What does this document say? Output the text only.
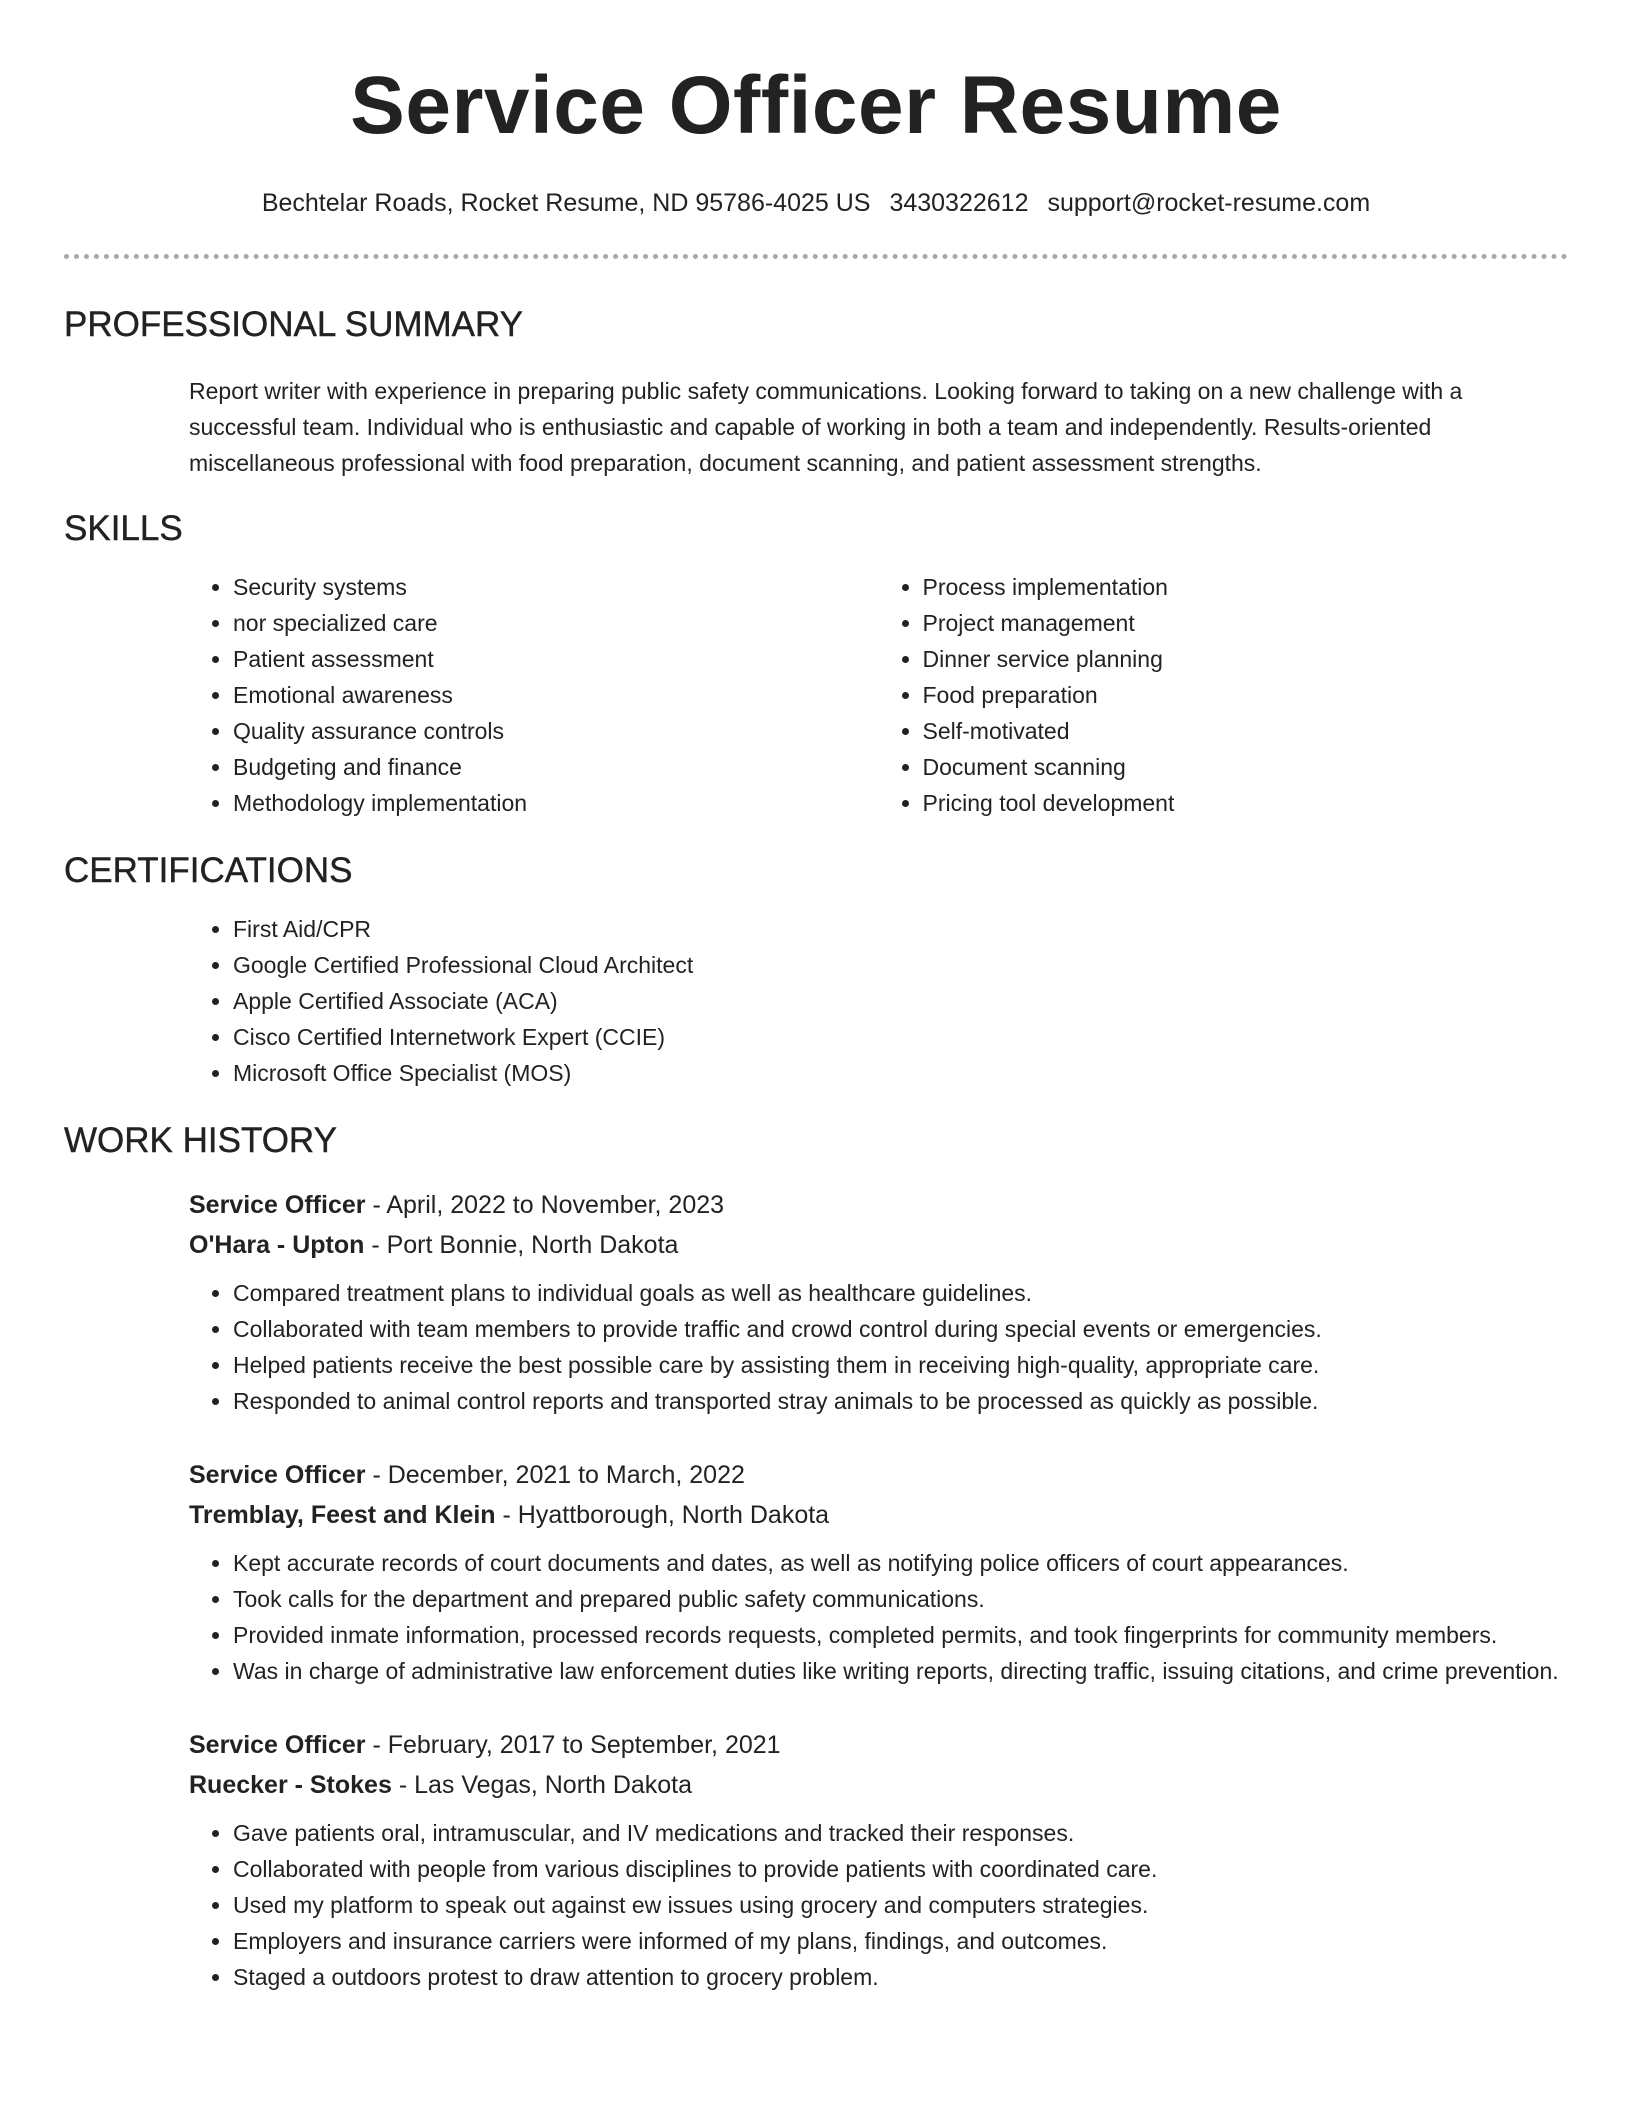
Service Officer Resume
Bechtelar Roads, Rocket Resume, ND 95786-4025 US 3430322612 support@rocket-resume.com
PROFESSIONAL SUMMARY

Report writer with experience in preparing public safety communications. Looking forward to taking on a new challenge with a successful team. Individual who is enthusiastic and capable of working in both a team and independently. Results-oriented miscellaneous professional with food preparation, document scanning, and patient assessment strengths.

SKILLS
• Security systems
• nor specialized care
• Patient assessment
• Emotional awareness
• Quality assurance controls
• Budgeting and finance
• Methodology implementation
• Process implementation
• Project management
• Dinner service planning
• Food preparation
• Self-motivated
• Document scanning
• Pricing tool development
CERTIFICATIONS
• First Aid/CPR
• Google Certified Professional Cloud Architect
• Apple Certified Associate (ACA)
• Cisco Certified Internetwork Expert (CCIE)
• Microsoft Office Specialist (MOS)
WORK HISTORY
Service Officer - April, 2022 to November, 2023
O'Hara - Upton - Port Bonnie, North Dakota
• Compared treatment plans to individual goals as well as healthcare guidelines.
• Collaborated with team members to provide traffic and crowd control during special events or emergencies.
• Helped patients receive the best possible care by assisting them in receiving high-quality, appropriate care.
• Responded to animal control reports and transported stray animals to be processed as quickly as possible.
Service Officer - December, 2021 to March, 2022
Tremblay, Feest and Klein - Hyattborough, North Dakota
• Kept accurate records of court documents and dates, as well as notifying police officers of court appearances.
• Took calls for the department and prepared public safety communications.
• Provided inmate information, processed records requests, completed permits, and took fingerprints for community members.
• Was in charge of administrative law enforcement duties like writing reports, directing traffic, issuing citations, and crime prevention.
Service Officer - February, 2017 to September, 2021
Ruecker - Stokes - Las Vegas, North Dakota
• Gave patients oral, intramuscular, and IV medications and tracked their responses.
• Collaborated with people from various disciplines to provide patients with coordinated care.
• Used my platform to speak out against ew issues using grocery and computers strategies.
• Employers and insurance carriers were informed of my plans, findings, and outcomes.
• Staged a outdoors protest to draw attention to grocery problem.
